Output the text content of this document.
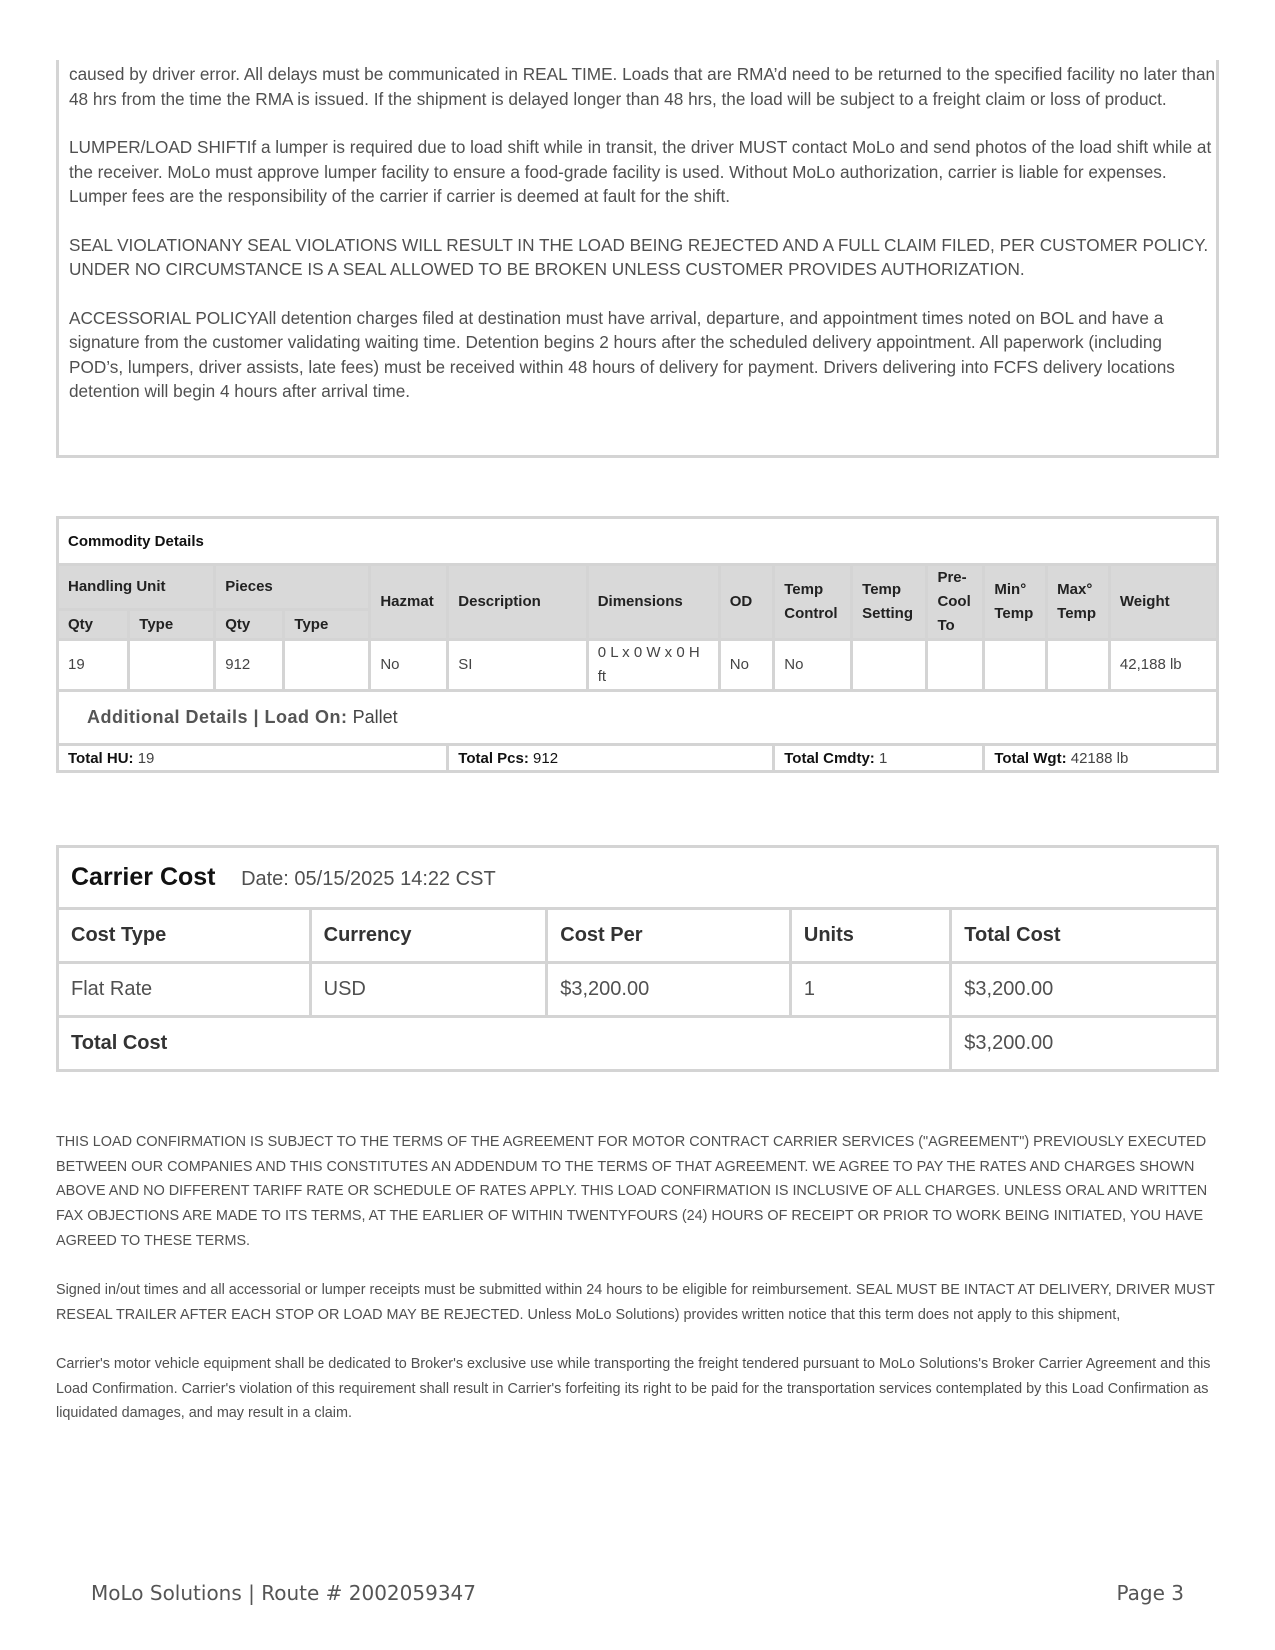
caused by driver error. All delays must be communicated in REAL TIME. Loads that are RMA’d need to be returned to the specified facility no later than 48 hrs from the time the RMA is issued. If the shipment is delayed longer than 48 hrs, the load will be subject to a freight claim or loss of product.

LUMPER/LOAD SHIFTIf a lumper is required due to load shift while in transit, the driver MUST contact MoLo and send photos of the load shift while at the receiver. MoLo must approve lumper facility to ensure a food-grade facility is used. Without MoLo authorization, carrier is liable for expenses. Lumper fees are the responsibility of the carrier if carrier is deemed at fault for the shift.

SEAL VIOLATIONANY SEAL VIOLATIONS WILL RESULT IN THE LOAD BEING REJECTED AND A FULL CLAIM FILED, PER CUSTOMER POLICY. UNDER NO CIRCUMSTANCE IS A SEAL ALLOWED TO BE BROKEN UNLESS CUSTOMER PROVIDES AUTHORIZATION.

ACCESSORIAL POLICYAll detention charges filed at destination must have arrival, departure, and appointment times noted on BOL and have a signature from the customer validating waiting time. Detention begins 2 hours after the scheduled delivery appointment. All paperwork (including POD’s, lumpers, driver assists, late fees) must be received within 48 hours of delivery for payment. Drivers delivering into FCFS delivery locations detention will begin 4 hours after arrival time.

Commodity Details													
Handling Unit		Pieces		Hazmat	Description	Dimensions	OD	Temp Control	Temp Setting	Pre-Cool To	Min° Temp	Max° Temp	Weight
Qty	Type	Qty	Type										
19		912		No	SI	0 L x 0 W x 0 H ft	No	No					42,188 lb
Additional Details | Load On: Pallet													
Total HU: 19					Total Pcs: 912			Total Cmdty: 1			Total Wgt: 42188 lb		
Carrier Cost Date: 05/15/2025 14:22 CST				
Cost Type	Currency	Cost Per	Units	Total Cost
Flat Rate	USD	$3,200.00	1	$3,200.00
Total Cost				$3,200.00

THIS LOAD CONFIRMATION IS SUBJECT TO THE TERMS OF THE AGREEMENT FOR MOTOR CONTRACT CARRIER SERVICES ("AGREEMENT") PREVIOUSLY EXECUTED BETWEEN OUR COMPANIES AND THIS CONSTITUTES AN ADDENDUM TO THE TERMS OF THAT AGREEMENT. WE AGREE TO PAY THE RATES AND CHARGES SHOWN ABOVE AND NO DIFFERENT TARIFF RATE OR SCHEDULE OF RATES APPLY. THIS LOAD CONFIRMATION IS INCLUSIVE OF ALL CHARGES. UNLESS ORAL AND WRITTEN FAX OBJECTIONS ARE MADE TO ITS TERMS, AT THE EARLIER OF WITHIN TWENTYFOURS (24) HOURS OF RECEIPT OR PRIOR TO WORK BEING INITIATED, YOU HAVE AGREED TO THESE TERMS.

Signed in/out times and all accessorial or lumper receipts must be submitted within 24 hours to be eligible for reimbursement. SEAL MUST BE INTACT AT DELIVERY, DRIVER MUST RESEAL TRAILER AFTER EACH STOP OR LOAD MAY BE REJECTED. Unless MoLo Solutions) provides written notice that this term does not apply to this shipment,

Carrier's motor vehicle equipment shall be dedicated to Broker's exclusive use while transporting the freight tendered pursuant to MoLo Solutions's Broker Carrier Agreement and this Load Confirmation. Carrier's violation of this requirement shall result in Carrier's forfeiting its right to be paid for the transportation services contemplated by this Load Confirmation as liquidated damages, and may result in a claim.

MoLo Solutions | Route # 2002059347	Page 3
